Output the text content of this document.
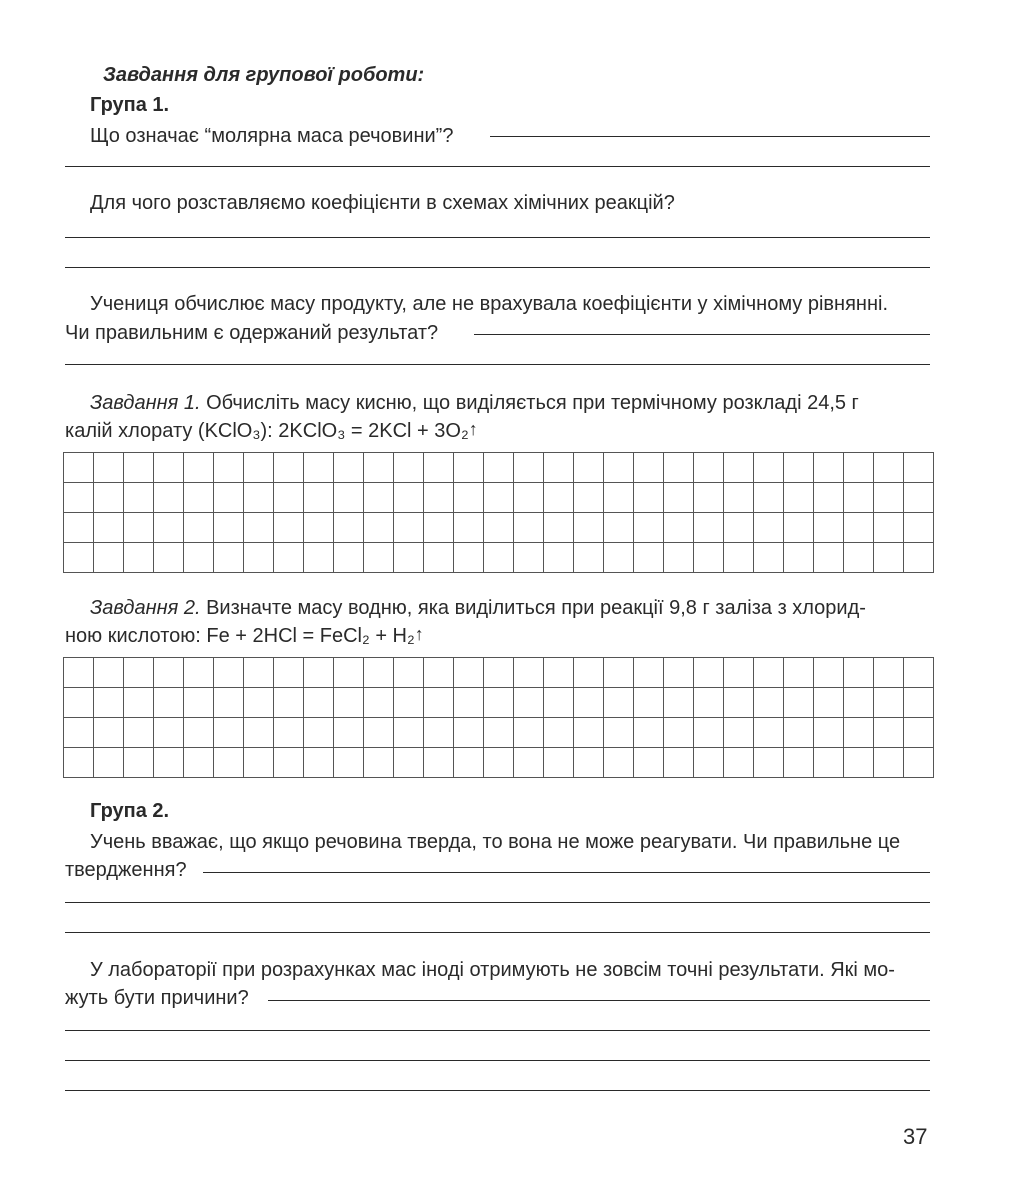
Завдання для групової роботи:
Група 1.
Що означає “молярна маса речовини”?
Для чого розставляємо коефіцієнти в схемах хімічних реакцій?
Учениця обчислює масу продукту, але не врахувала коефіцієнти у хімічному рівнянні.
Чи правильним є одержаний результат?
Завдання 1. Обчисліть масу кисню, що виділяється при термічному розкладі 24,5 г
калій хлорату (KClO₃): 2KClO₃ = 2KCl + 3O₂↑
Завдання 2. Визначте масу водню, яка виділиться при реакції 9,8 г заліза з хлорид-
ною кислотою: Fe + 2HCl = FeCl₂ + H₂↑
Група 2.
Учень вважає, що якщо речовина тверда, то вона не може реагувати. Чи правильне це
твердження?
У лабораторії при розрахунках мас іноді отримують не зовсім точні результати. Які мо-
жуть бути причини?
37
